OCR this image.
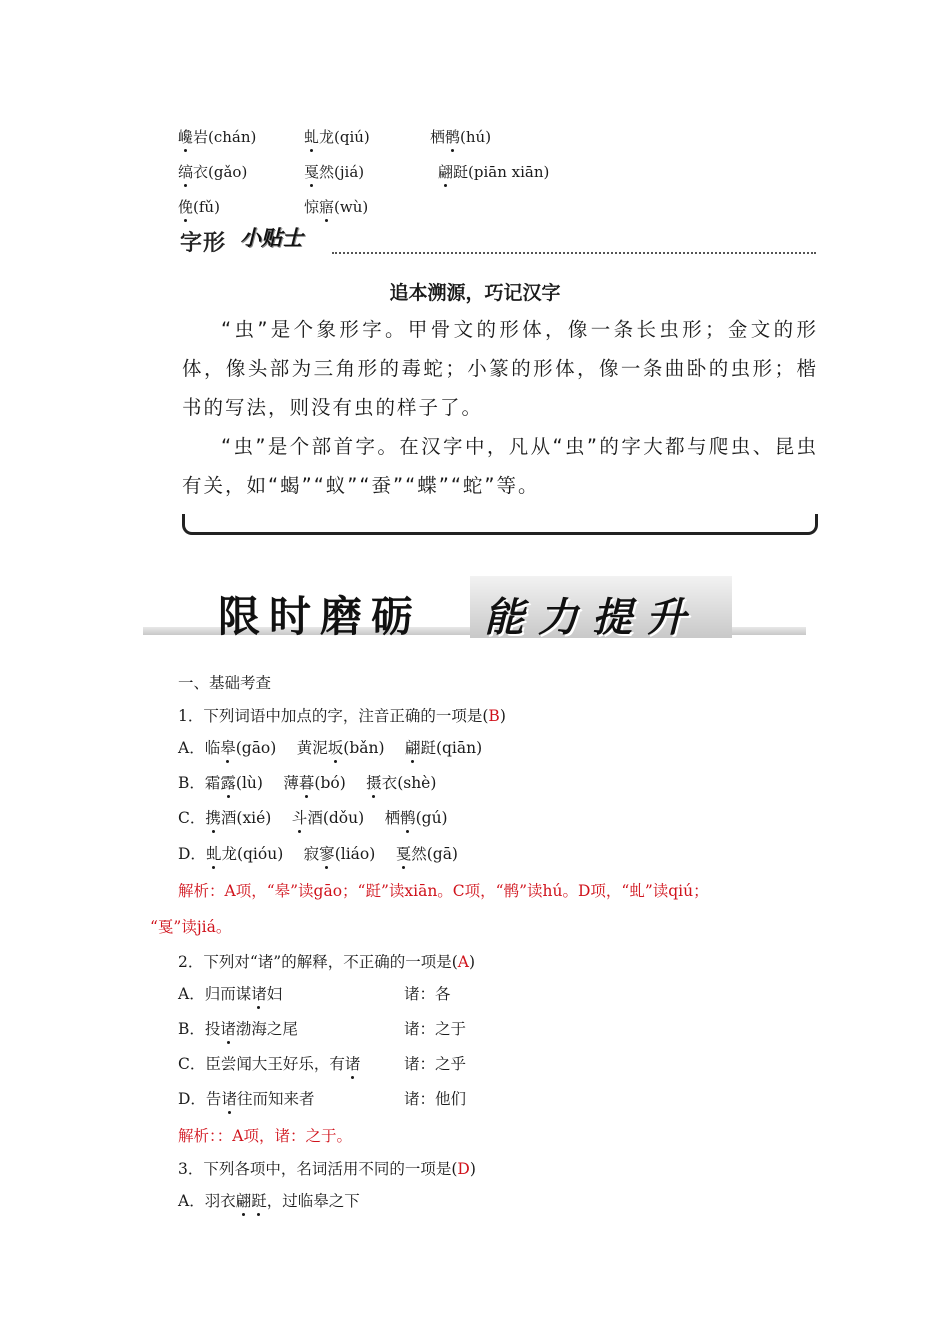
巉岩(chán)	虬龙(qiú)	栖鹘(hú)
缟衣(gǎo)	戛然(jiá)	翩跹(piān xiān)
俛(fǔ)	惊寤(wù)
字形 小贴士
追本溯源，巧记汉字
“虫”是个象形字。甲骨文的形体，像一条长虫形；金文的形体，像头部为三角形的毒蛇；小篆的形体，像一条曲卧的虫形；楷书的写法，则没有虫的样子了。
“虫”是个部首字。在汉字中，凡从“虫”的字大都与爬虫、昆虫有关，如“蝎”“蚁”“蚕”“蝶”“蛇”等。
限时磨砺 能力提升
一、基础考查
1．下列词语中加点的字，注音正确的一项是(B)
A．临皋(gāo)　 黄泥坂(bǎn)　 翩跹(qiān)
B．霜露(lù)　 薄暮(bó)　 摄衣(shè)
C．携酒(xié)　 斗酒(dǒu)　 栖鹘(gú)
D．虬龙(qióu)　 寂寥(liáo)　 戛然(gā)
解析：A项，“皋”读gāo；“跹”读xiān。C项，“鹘”读hú。D项，“虬”读qiú；
“戛”读jiá。
2．下列对“诸”的解释，不正确的一项是(A)
A．归而谋诸妇	诸：各
B．投诸渤海之尾	诸：之于
C．臣尝闻大王好乐，有诸	诸：之乎
D．告诸往而知来者	诸：他们
解析：：A项，诸：之于。
3．下列各项中，名词活用不同的一项是(D)
A．羽衣翩跹，过临皋之下
